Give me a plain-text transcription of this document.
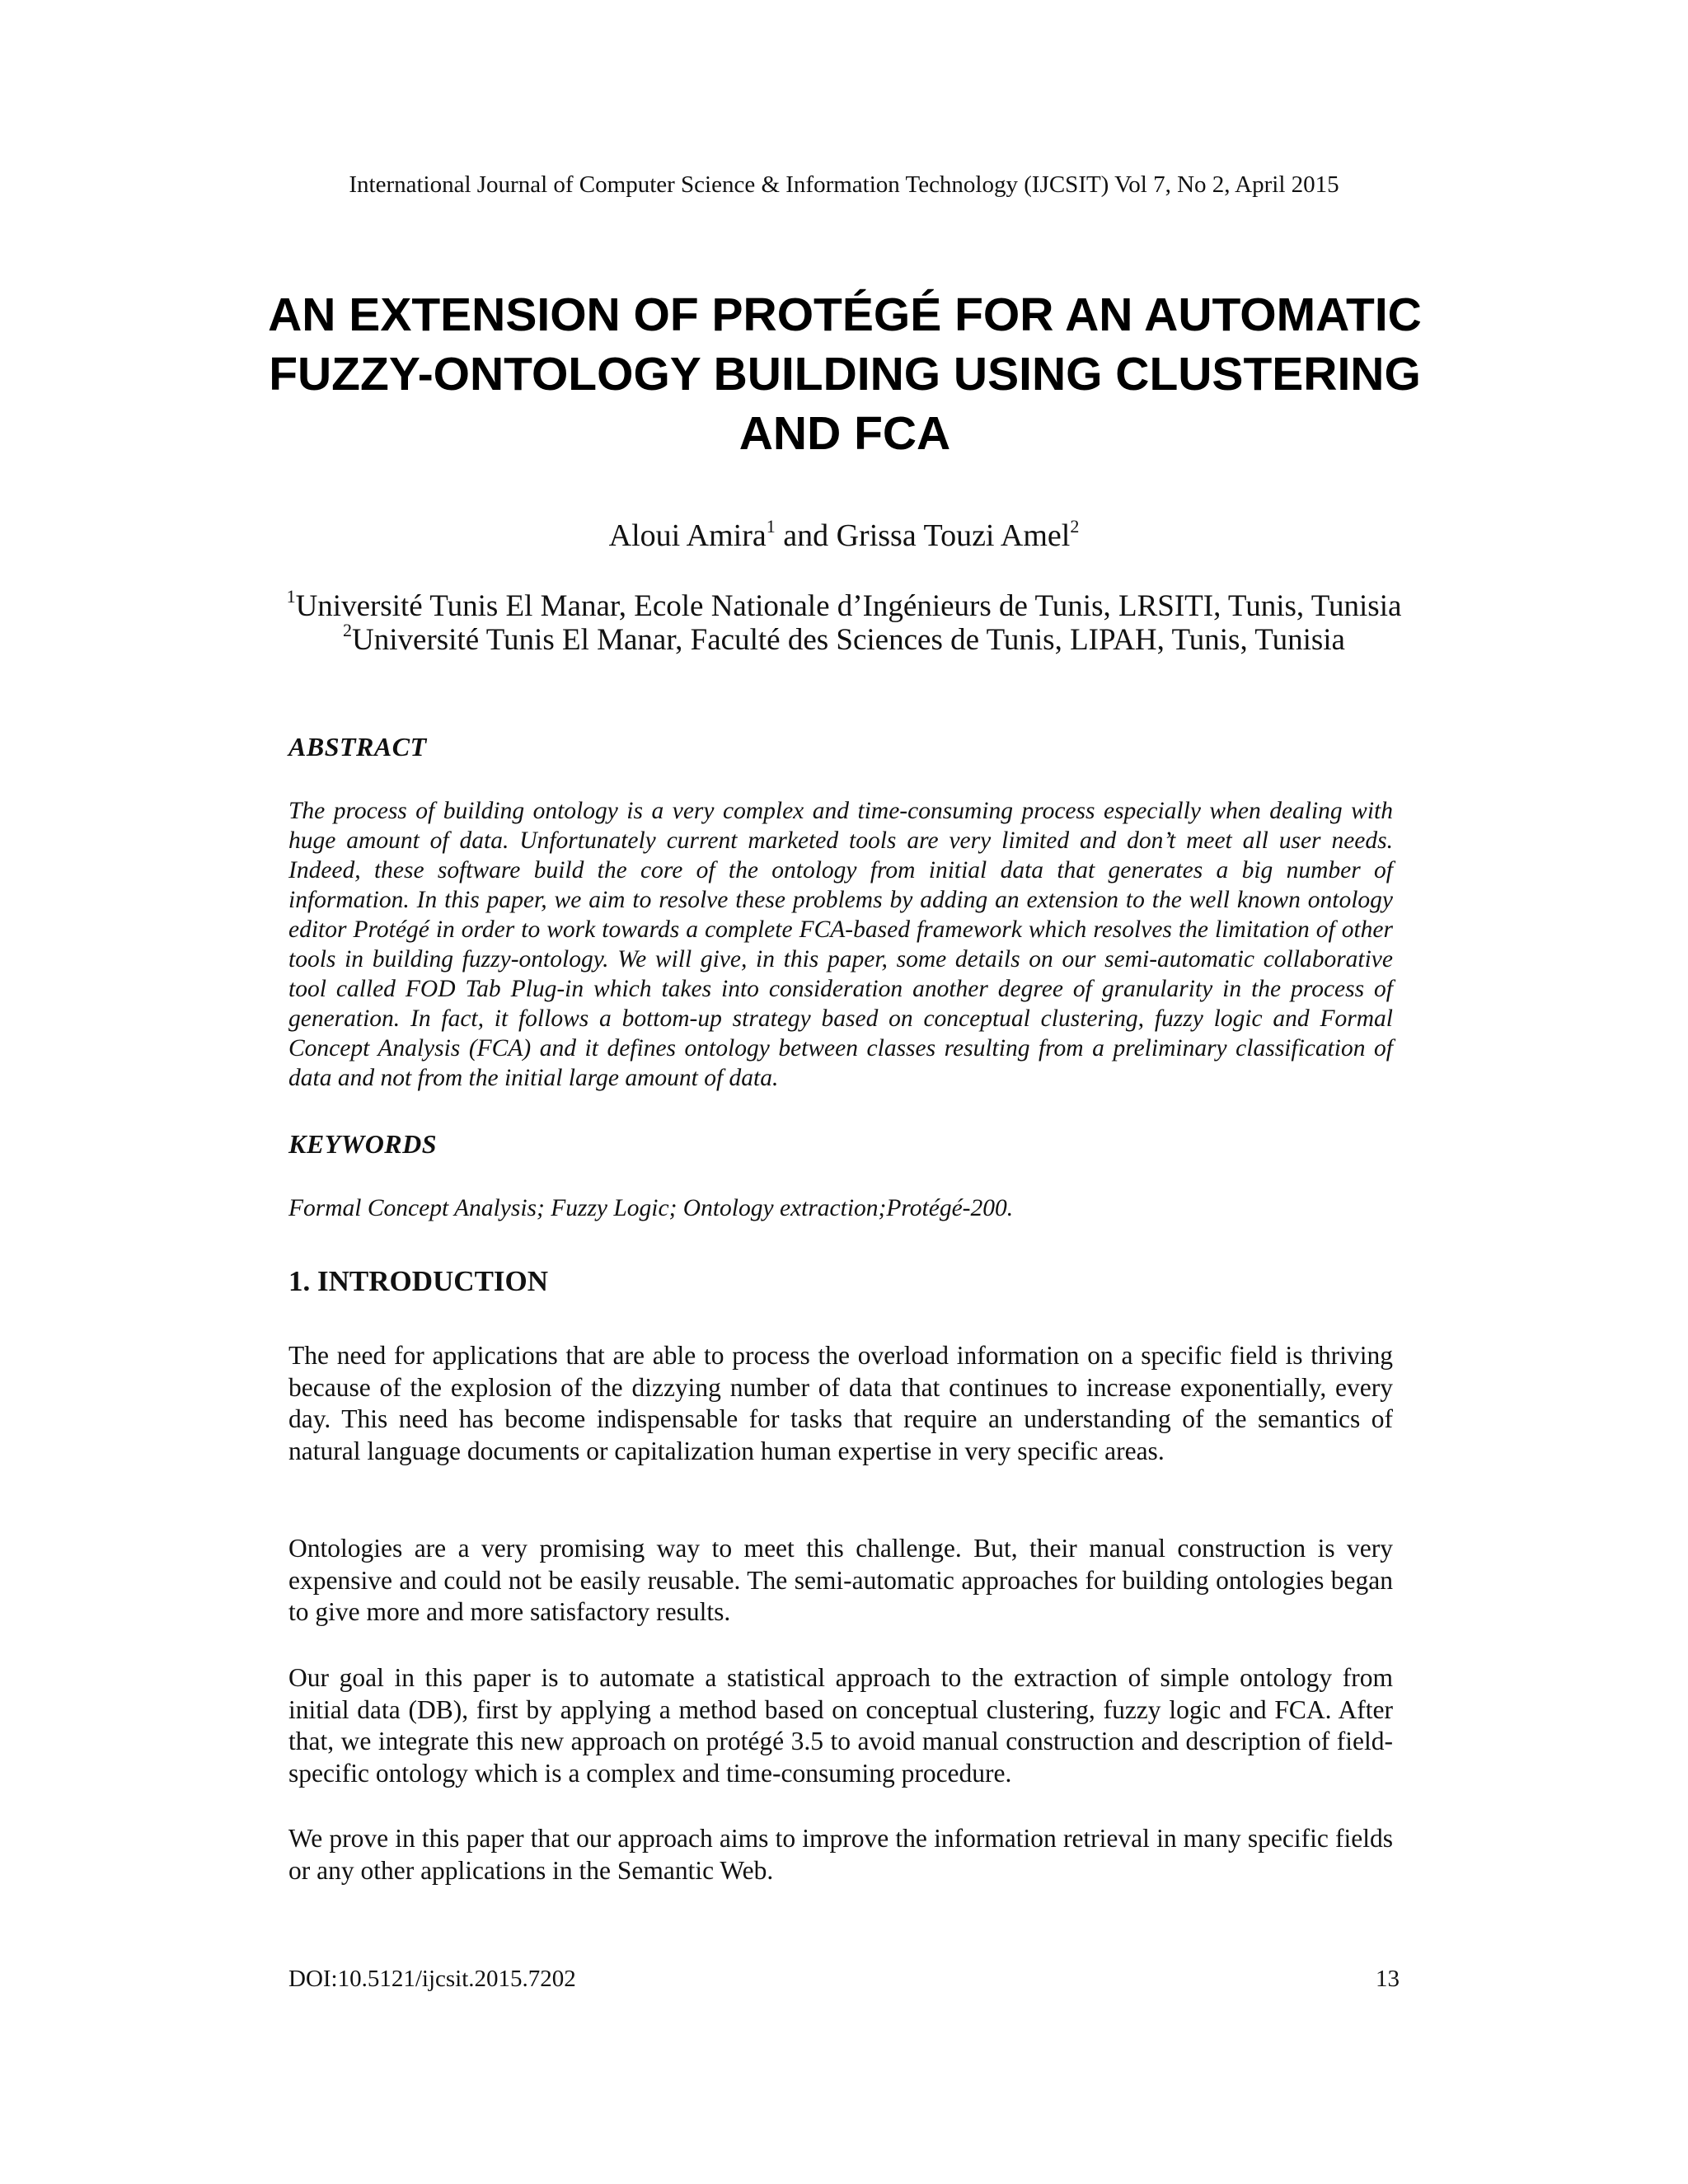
International Journal of Computer Science & Information Technology (IJCSIT) Vol 7, No 2, April 2015
AN EXTENSION OF PROTÉGÉ FOR AN AUTOMATIC
FUZZY-ONTOLOGY BUILDING USING CLUSTERING
AND FCA
Aloui Amira$^1$ and Grissa Touzi Amel$^2$
$^1$Université Tunis El Manar, Ecole Nationale d’Ingénieurs de Tunis, LRSITI, Tunis, Tunisia
$^2$Université Tunis El Manar, Faculté des Sciences de Tunis, LIPAH, Tunis, Tunisia
ABSTRACT
The process of building ontology is a very complex and time-consuming process especially when dealing with huge amount of data. Unfortunately current marketed tools are very limited and don’t meet all user needs. Indeed, these software build the core of the ontology from initial data that generates a big number of information. In this paper, we aim to resolve these problems by adding an extension to the well known ontology editor Protégé in order to work towards a complete FCA-based framework which resolves the limitation of other tools in building fuzzy-ontology. We will give, in this paper, some details on our semi-automatic collaborative tool called FOD Tab Plug-in which takes into consideration another degree of granularity in the process of generation. In fact, it follows a bottom-up strategy based on conceptual clustering, fuzzy logic and Formal Concept Analysis (FCA) and it defines ontology between classes resulting from a preliminary classification of data and not from the initial large amount of data.
KEYWORDS
Formal Concept Analysis; Fuzzy Logic; Ontology extraction;Protégé-200.
1. INTRODUCTION
The need for applications that are able to process the overload information on a specific field is thriving because of the explosion of the dizzying number of data that continues to increase exponentially, every day. This need has become indispensable for tasks that require an understanding of the semantics of natural language documents or capitalization human expertise in very specific areas.
Ontologies are a very promising way to meet this challenge. But, their manual construction is very expensive and could not be easily reusable. The semi-automatic approaches for building ontologies began to give more and more satisfactory results.
Our goal in this paper is to automate a statistical approach to the extraction of simple ontology from initial data (DB), first by applying a method based on conceptual clustering, fuzzy logic and FCA. After that, we integrate this new approach on protégé 3.5 to avoid manual construction and description of field-specific ontology which is a complex and time-consuming procedure.
We prove in this paper that our approach aims to improve the information retrieval in many specific fields or any other applications in the Semantic Web.
DOI:10.5121/ijcsit.2015.7202	13
